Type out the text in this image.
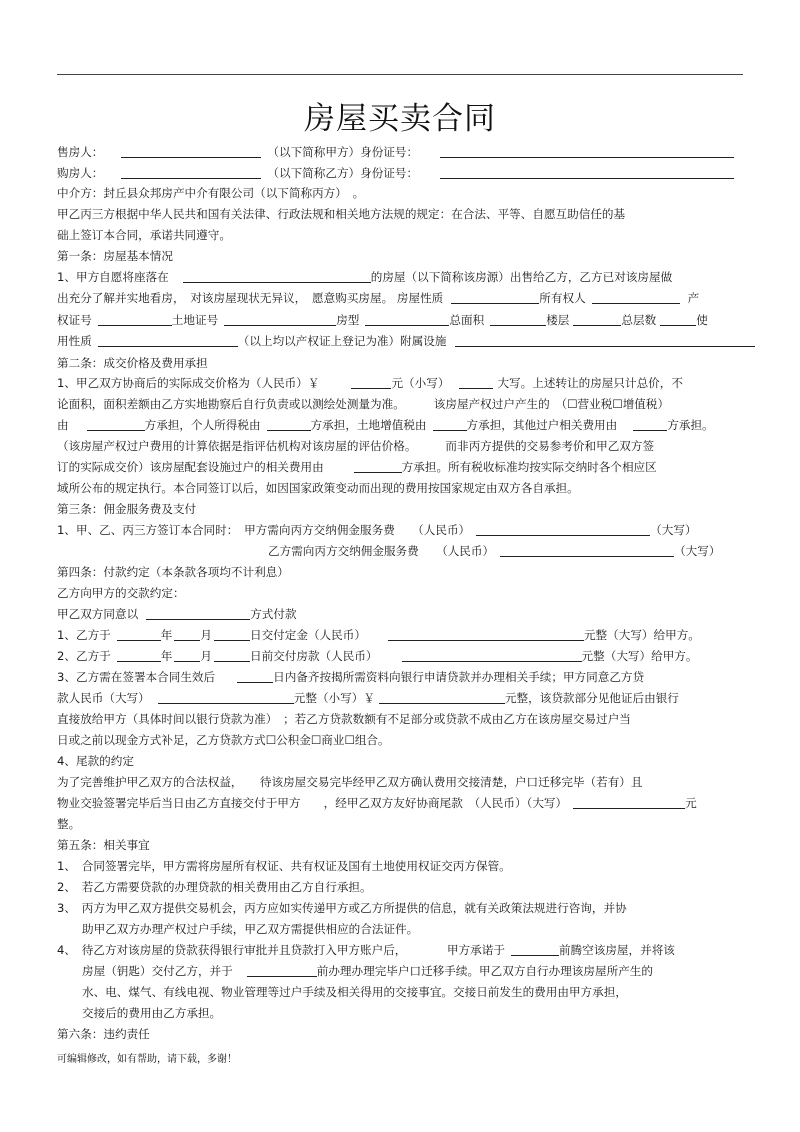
房屋买卖合同
售房人：	（以下简称甲方）身份证号：
购房人：	（以下简称乙方）身份证号：
中介方：封丘县众邦房产中介有限公司（以下简称丙方）　。
甲乙丙三方根据中华人民共和国有关法律、行政法规和相关地方法规的规定：在合法、平等、自愿互助信任的基
础上签订本合同，承诺共同遵守。
第一条：房屋基本情况
1、甲方自愿将座落在	的房屋（以下简称该房源）出售给乙方，乙方已对该房屋做
出充分了解并实地看房，　对该房屋现状无异议，　愿意购买房屋。 房屋性质	所有权人	产
权证号	土地证号	房型	总面积	楼层	总层数	使
用性质	（以上均以产权证上登记为准）附属设施
第二条：成交价格及费用承担
1、甲乙双方协商后的实际成交价格为（人民币）￥	元（小写）	大写。上述转让的房屋只计总价，不
论面积，面积差额由乙方实地勘察后自行负责或以测绘处测量为准。　　　该房屋产权过户产生的　（☐营业税☐增值税）
由	方承担，个人所得税由	方承担，土地增值税由	方承担，其他过户相关费用由	方承担。
（该房屋产权过户费用的计算依据是指评估机构对该房屋的评估价格。　　　而非丙方提供的交易参考价和甲乙双方签
订的实际成交价）该房屋配套设施过户的相关费用由	方承担。所有税收标准均按实际交纳时各个相应区
域所公布的规定执行。本合同签订以后，如因国家政策变动而出现的费用按国家规定由双方各自承担。
第三条：佣金服务费及支付
1、甲、乙、丙三方签订本合同时：　甲方需向丙方交纳佣金服务费　　（人民币）	（大写）
乙方需向丙方交纳佣金服务费　　（人民币）	（大写）
第四条：付款约定（本条款各项均不计利息）
乙方向甲方的交款约定：
甲乙双方同意以	方式付款
1、乙方于	年 月	日交付定金（人民币）	元整（大写）给甲方。
2、乙方于	年 月	日前交付房款（人民币）	元整（大写）给甲方。
3、乙方需在签署本合同生效后	日内备齐按揭所需资料向银行申请贷款并办理相关手续；甲方同意乙方贷
款人民币（大写）	元整（小写）￥	元整，该贷款部分见他证后由银行
直接放给甲方（具体时间以银行贷款为准）　；若乙方贷款数额有不足部分或贷款不成由乙方在该房屋交易过户当
日或之前以现金方式补足，乙方贷款方式☐公积金☐商业☐组合。
4、尾款的约定
为了完善维护甲乙双方的合法权益，　　待该房屋交易完毕经甲乙双方确认费用交接清楚，户口迁移完毕（若有）且
物业交验签署完毕后当日由乙方直接交付于甲方　　，经甲乙双方友好协商尾款　（人民币）（大写）	元
整。
第五条：相关事宜
1、　合同签署完毕，甲方需将房屋所有权证、共有权证及国有土地使用权证交丙方保管。
2、　若乙方需要贷款的办理贷款的相关费用由乙方自行承担。
3、　丙方为甲乙双方提供交易机会，丙方应如实传递甲方或乙方所提供的信息，就有关政策法规进行咨询，并协
助甲乙双方办理产权过户手续，甲乙双方需提供相应的合法证件。
4、　待乙方对该房屋的贷款获得银行审批并且贷款打入甲方账户后，　　　　甲方承诺于	前腾空该房屋，并将该
房屋（钥匙）交付乙方，并于	前办理办理完毕户口迁移手续。甲乙双方自行办理该房屋所产生的
水、电、煤气、有线电视、物业管理等过户手续及相关得用的交接事宜。交接日前发生的费用由甲方承担，
交接后的费用由乙方承担。
第六条：违约责任
可编辑修改，如有帮助，请下载，多谢！
